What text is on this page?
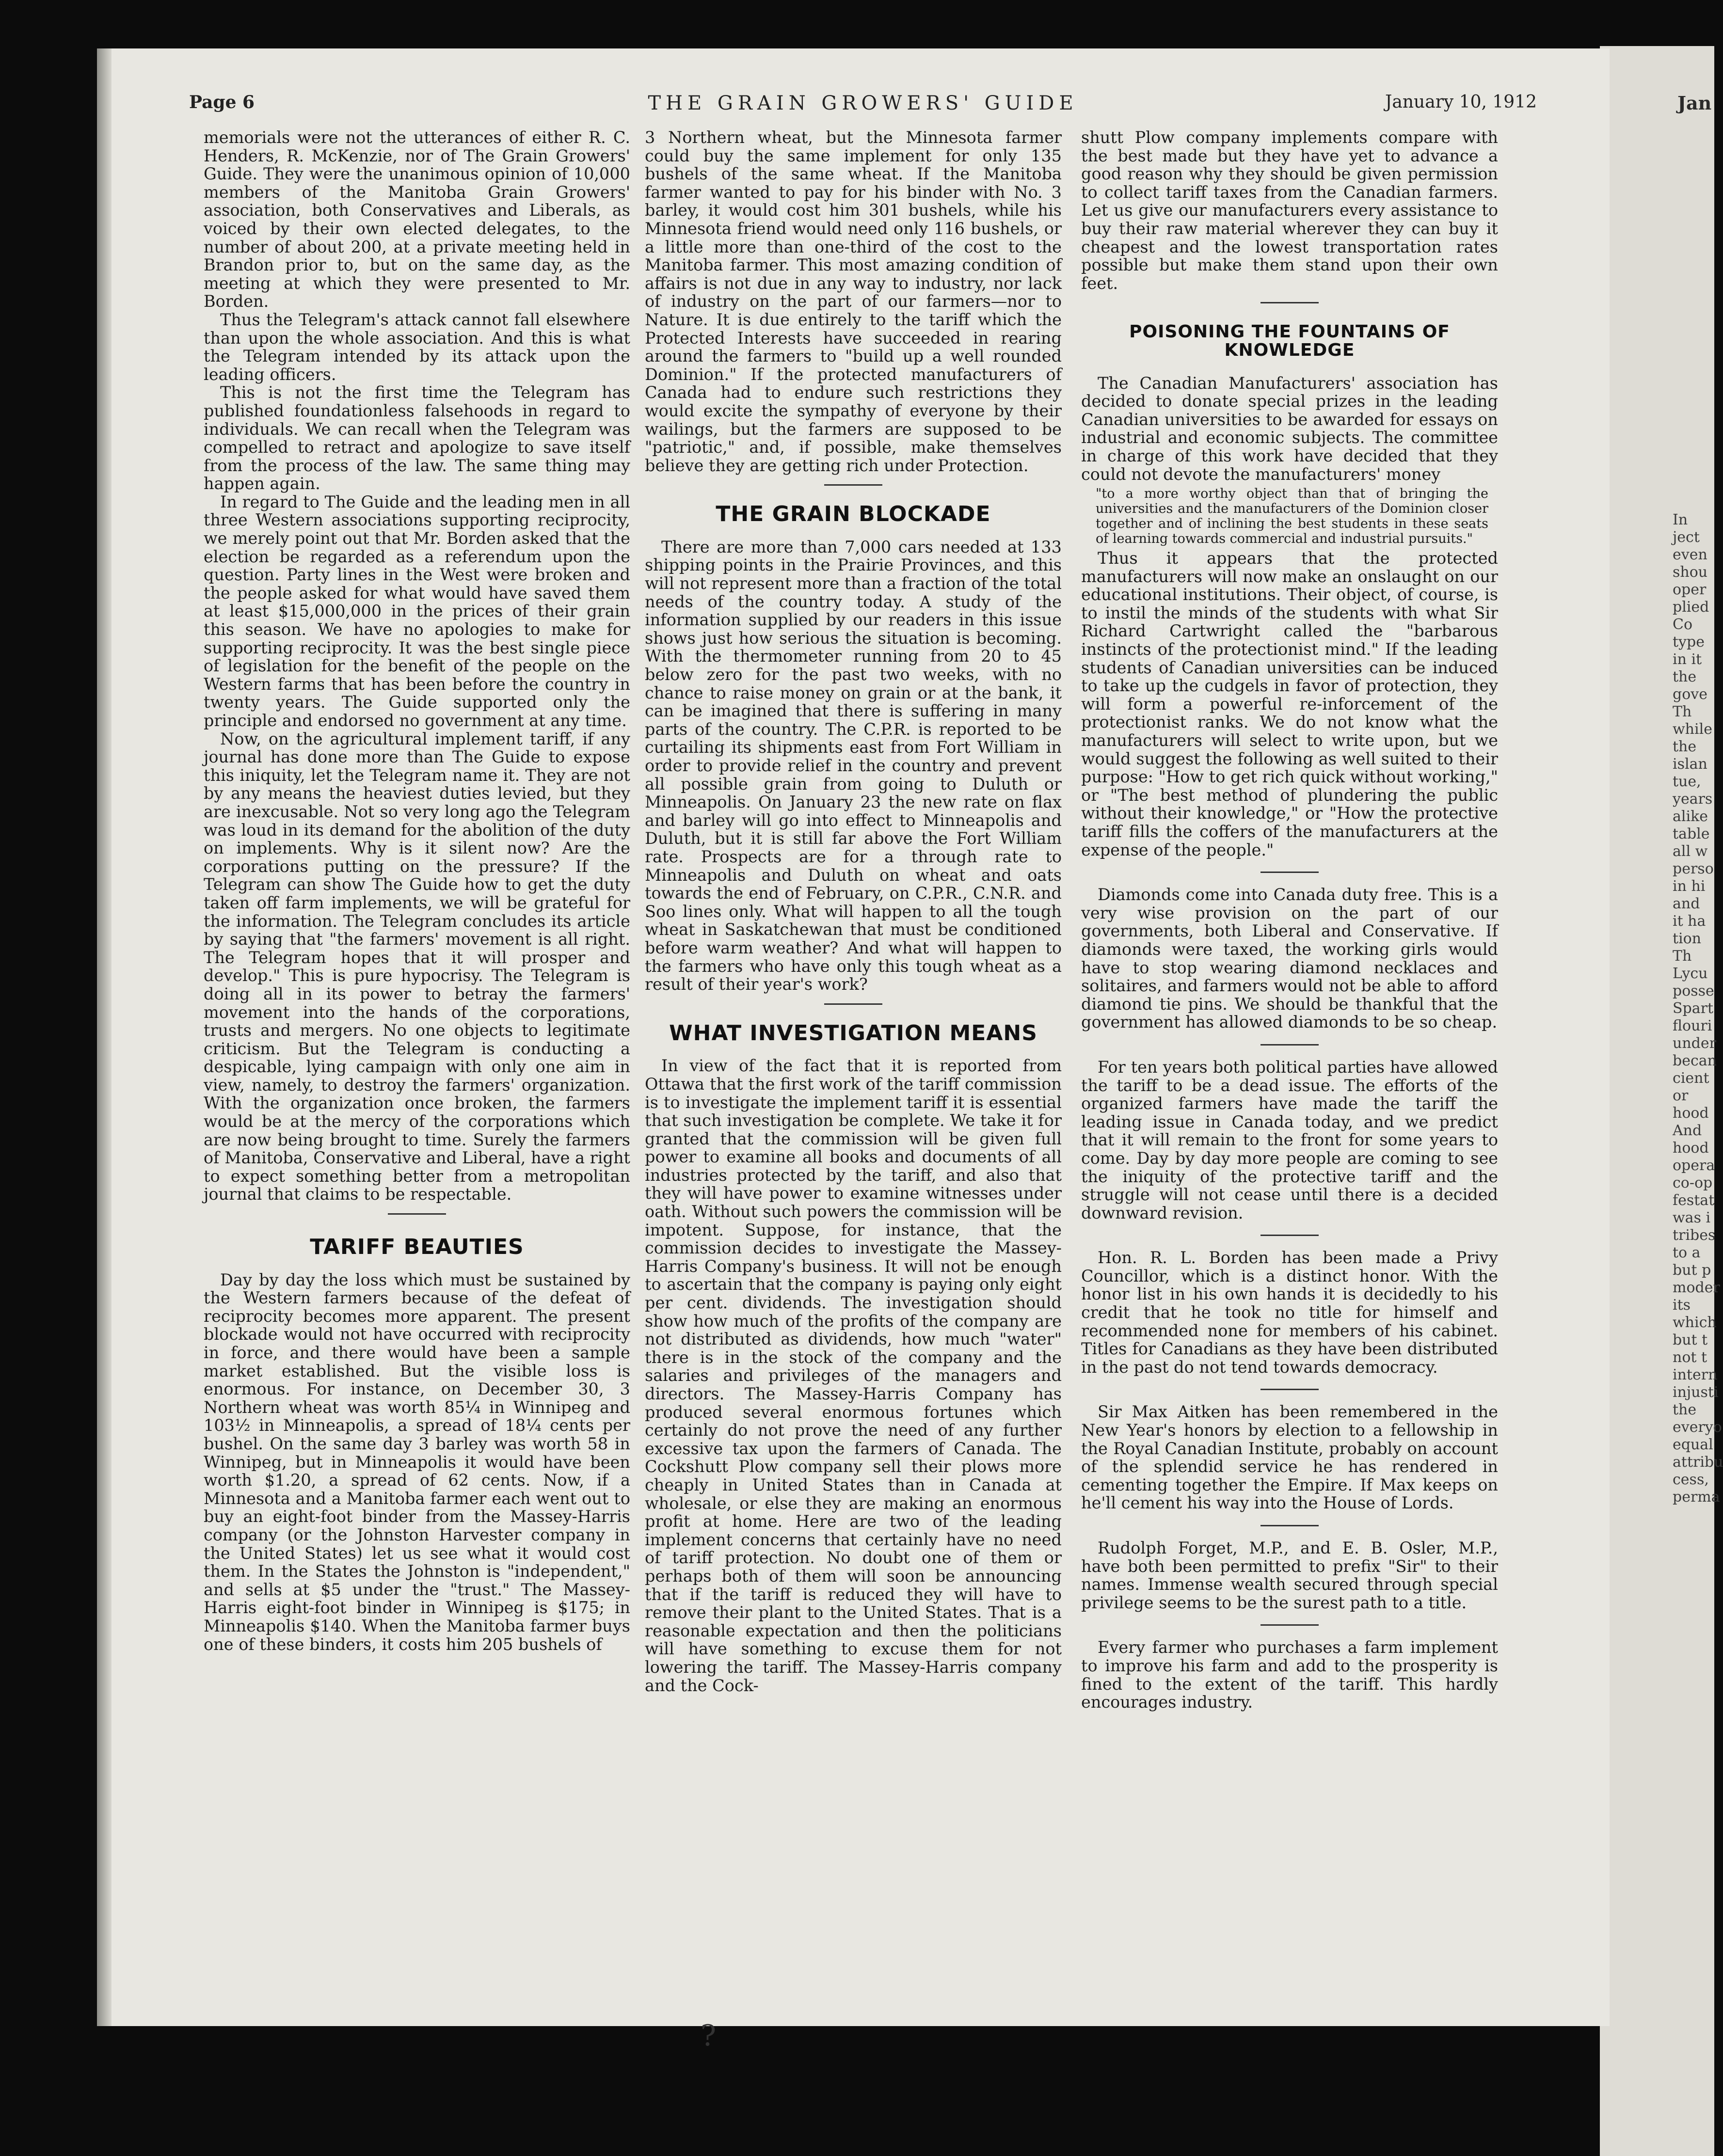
Jan
In
ject
even
shou
oper
plied
Co
type
in it
the
gove
Th
while
the
islan
tue,
years
alike
table
all w
perso
in hi
and
it ha
tion
Th
Lycu
posse
Spart
flouri
under
becan
cient
or
hood
And
hood
opera
co-op
festat
was i
tribes
to a
but p
moder
its
which
but t
not t
intern
injusti
the
everyo
equal
attribu
cess,
perma
Page 6	THE GRAIN GROWERS' GUIDE	January 10, 1912

memorials were not the utterances of either R. C. Henders, R. McKenzie, nor of The Grain Growers' Guide. They were the unanimous opinion of 10,000 members of the Manitoba Grain Growers' association, both Conservatives and Liberals, as voiced by their own elected delegates, to the number of about 200, at a private meeting held in Brandon prior to, but on the same day, as the meeting at which they were presented to Mr. Borden.

Thus the Telegram's attack cannot fall elsewhere than upon the whole association. And this is what the Telegram intended by its attack upon the leading officers.

This is not the first time the Telegram has published foundationless falsehoods in regard to individuals. We can recall when the Telegram was compelled to retract and apologize to save itself from the process of the law. The same thing may happen again.

In regard to The Guide and the leading men in all three Western associations supporting reciprocity, we merely point out that Mr. Borden asked that the election be regarded as a referendum upon the question. Party lines in the West were broken and the people asked for what would have saved them at least $15,000,000 in the prices of their grain this season. We have no apologies to make for supporting reciprocity. It was the best single piece of legislation for the benefit of the people on the Western farms that has been before the country in twenty years. The Guide supported only the principle and endorsed no government at any time.

Now, on the agricultural implement tariff, if any journal has done more than The Guide to expose this iniquity, let the Telegram name it. They are not by any means the heaviest duties levied, but they are inexcusable. Not so very long ago the Telegram was loud in its demand for the abolition of the duty on implements. Why is it silent now? Are the corporations putting on the pressure? If the Telegram can show The Guide how to get the duty taken off farm implements, we will be grateful for the information. The Telegram concludes its article by saying that "the farmers' movement is all right. The Telegram hopes that it will prosper and develop." This is pure hypocrisy. The Telegram is doing all in its power to betray the farmers' movement into the hands of the corporations, trusts and mergers. No one objects to legitimate criticism. But the Telegram is conducting a despicable, lying campaign with only one aim in view, namely, to destroy the farmers' organization. With the organization once broken, the farmers would be at the mercy of the corporations which are now being brought to time. Surely the farmers of Manitoba, Conservative and Liberal, have a right to expect something better from a metropolitan journal that claims to be respectable.

TARIFF BEAUTIES

Day by day the loss which must be sustained by the Western farmers because of the defeat of reciprocity becomes more apparent. The present blockade would not have occurred with reciprocity in force, and there would have been a sample market established. But the visible loss is enormous. For instance, on December 30, 3 Northern wheat was worth 85¼ in Winnipeg and 103½ in Minneapolis, a spread of 18¼ cents per bushel. On the same day 3 barley was worth 58 in Winnipeg, but in Minneapolis it would have been worth $1.20, a spread of 62 cents. Now, if a Minnesota and a Manitoba farmer each went out to buy an eight-foot binder from the Massey-Harris company (or the Johnston Harvester company in the United States) let us see what it would cost them. In the States the Johnston is "independent," and sells at $5 under the "trust." The Massey-Harris eight-foot binder in Winnipeg is $175; in Minneapolis $140. When the Manitoba farmer buys one of these binders, it costs him 205 bushels of

3 Northern wheat, but the Minnesota farmer could buy the same implement for only 135 bushels of the same wheat. If the Manitoba farmer wanted to pay for his binder with No. 3 barley, it would cost him 301 bushels, while his Minnesota friend would need only 116 bushels, or a little more than one-third of the cost to the Manitoba farmer. This most amazing condition of affairs is not due in any way to industry, nor lack of industry on the part of our farmers—nor to Nature. It is due entirely to the tariff which the Protected Interests have succeeded in rearing around the farmers to "build up a well rounded Dominion." If the protected manufacturers of Canada had to endure such restrictions they would excite the sympathy of everyone by their wailings, but the farmers are supposed to be "patriotic," and, if possible, make themselves believe they are getting rich under Protection.

THE GRAIN BLOCKADE

There are more than 7,000 cars needed at 133 shipping points in the Prairie Provinces, and this will not represent more than a fraction of the total needs of the country today. A study of the information supplied by our readers in this issue shows just how serious the situation is becoming. With the thermometer running from 20 to 45 below zero for the past two weeks, with no chance to raise money on grain or at the bank, it can be imagined that there is suffering in many parts of the country. The C.P.R. is reported to be curtailing its shipments east from Fort William in order to provide relief in the country and prevent all possible grain from going to Duluth or Minneapolis. On January 23 the new rate on flax and barley will go into effect to Minneapolis and Duluth, but it is still far above the Fort William rate. Prospects are for a through rate to Minneapolis and Duluth on wheat and oats towards the end of February, on C.P.R., C.N.R. and Soo lines only. What will happen to all the tough wheat in Saskatchewan that must be conditioned before warm weather? And what will happen to the farmers who have only this tough wheat as a result of their year's work?

WHAT INVESTIGATION MEANS

In view of the fact that it is reported from Ottawa that the first work of the tariff commission is to investigate the implement tariff it is essential that such investigation be complete. We take it for granted that the commission will be given full power to examine all books and documents of all industries protected by the tariff, and also that they will have power to examine witnesses under oath. Without such powers the commission will be impotent. Suppose, for instance, that the commission decides to investigate the Massey-Harris Company's business. It will not be enough to ascertain that the company is paying only eight per cent. dividends. The investigation should show how much of the profits of the company are not distributed as dividends, how much "water" there is in the stock of the company and the salaries and privileges of the managers and directors. The Massey-Harris Company has produced several enormous fortunes which certainly do not prove the need of any further excessive tax upon the farmers of Canada. The Cockshutt Plow company sell their plows more cheaply in United States than in Canada at wholesale, or else they are making an enormous profit at home. Here are two of the leading implement concerns that certainly have no need of tariff protection. No doubt one of them or perhaps both of them will soon be announcing that if the tariff is reduced they will have to remove their plant to the United States. That is a reasonable expectation and then the politicians will have something to excuse them for not lowering the tariff. The Massey-Harris company and the Cock-

shutt Plow company implements compare with the best made but they have yet to advance a good reason why they should be given permission to collect tariff taxes from the Canadian farmers. Let us give our manufacturers every assistance to buy their raw material wherever they can buy it cheapest and the lowest transportation rates possible but make them stand upon their own feet.

POISONING THE FOUNTAINS OF KNOWLEDGE

The Canadian Manufacturers' association has decided to donate special prizes in the leading Canadian universities to be awarded for essays on industrial and economic subjects. The committee in charge of this work have decided that they could not devote the manufacturers' money

"to a more worthy object than that of bringing the universities and the manufacturers of the Dominion closer together and of inclining the best students in these seats of learning towards commercial and industrial pursuits."

Thus it appears that the protected manufacturers will now make an onslaught on our educational institutions. Their object, of course, is to instil the minds of the students with what Sir Richard Cartwright called the "barbarous instincts of the protectionist mind." If the leading students of Canadian universities can be induced to take up the cudgels in favor of protection, they will form a powerful re-inforcement of the protectionist ranks. We do not know what the manufacturers will select to write upon, but we would suggest the following as well suited to their purpose: "How to get rich quick without working," or "The best method of plundering the public without their knowledge," or "How the protective tariff fills the coffers of the manufacturers at the expense of the people."

Diamonds come into Canada duty free. This is a very wise provision on the part of our governments, both Liberal and Conservative. If diamonds were taxed, the working girls would have to stop wearing diamond necklaces and solitaires, and farmers would not be able to afford diamond tie pins. We should be thankful that the government has allowed diamonds to be so cheap.

For ten years both political parties have allowed the tariff to be a dead issue. The efforts of the organized farmers have made the tariff the leading issue in Canada today, and we predict that it will remain to the front for some years to come. Day by day more people are coming to see the iniquity of the protective tariff and the struggle will not cease until there is a decided downward revision.

Hon. R. L. Borden has been made a Privy Councillor, which is a distinct honor. With the honor list in his own hands it is decidedly to his credit that he took no title for himself and recommended none for members of his cabinet. Titles for Canadians as they have been distributed in the past do not tend towards democracy.

Sir Max Aitken has been remembered in the New Year's honors by election to a fellowship in the Royal Canadian Institute, probably on account of the splendid service he has rendered in cementing together the Empire. If Max keeps on he'll cement his way into the House of Lords.

Rudolph Forget, M.P., and E. B. Osler, M.P., have both been permitted to prefix "Sir" to their names. Immense wealth secured through special privilege seems to be the surest path to a title.

Every farmer who purchases a farm implement to improve his farm and add to the prosperity is fined to the extent of the tariff. This hardly encourages industry.

?
